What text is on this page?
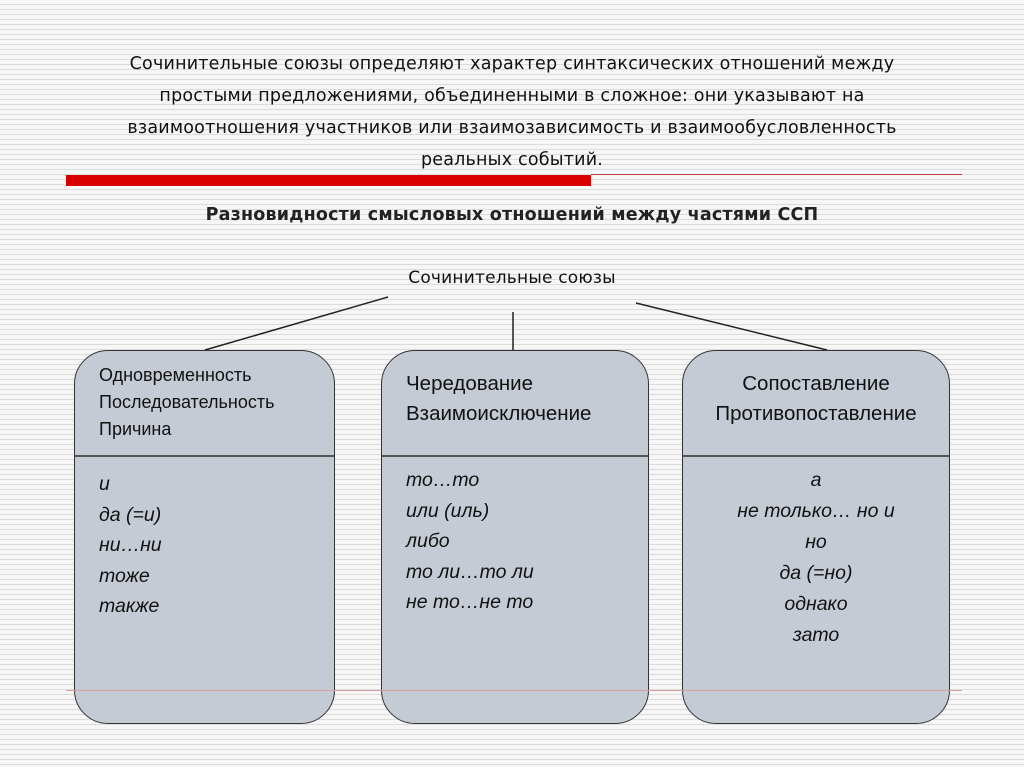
Сочинительные союзы определяют характер синтаксических отношений между
простыми предложениями, объединенными в сложное: они указывают на
взаимоотношения участников или взаимозависимость и взаимообусловленность
реальных событий.
Разновидности смысловых отношений между частями ССП
Сочинительные союзы
Одновременность
Последовательность
Причина
и
да (=и)
ни…ни
тоже
также
Чередование
Взаимоисключение
то…то
или (иль)
либо
то ли…то ли
не то…не то
Сопоставление
Противопоставление
а
не только… но и
но
да (=но)
однако
зато
